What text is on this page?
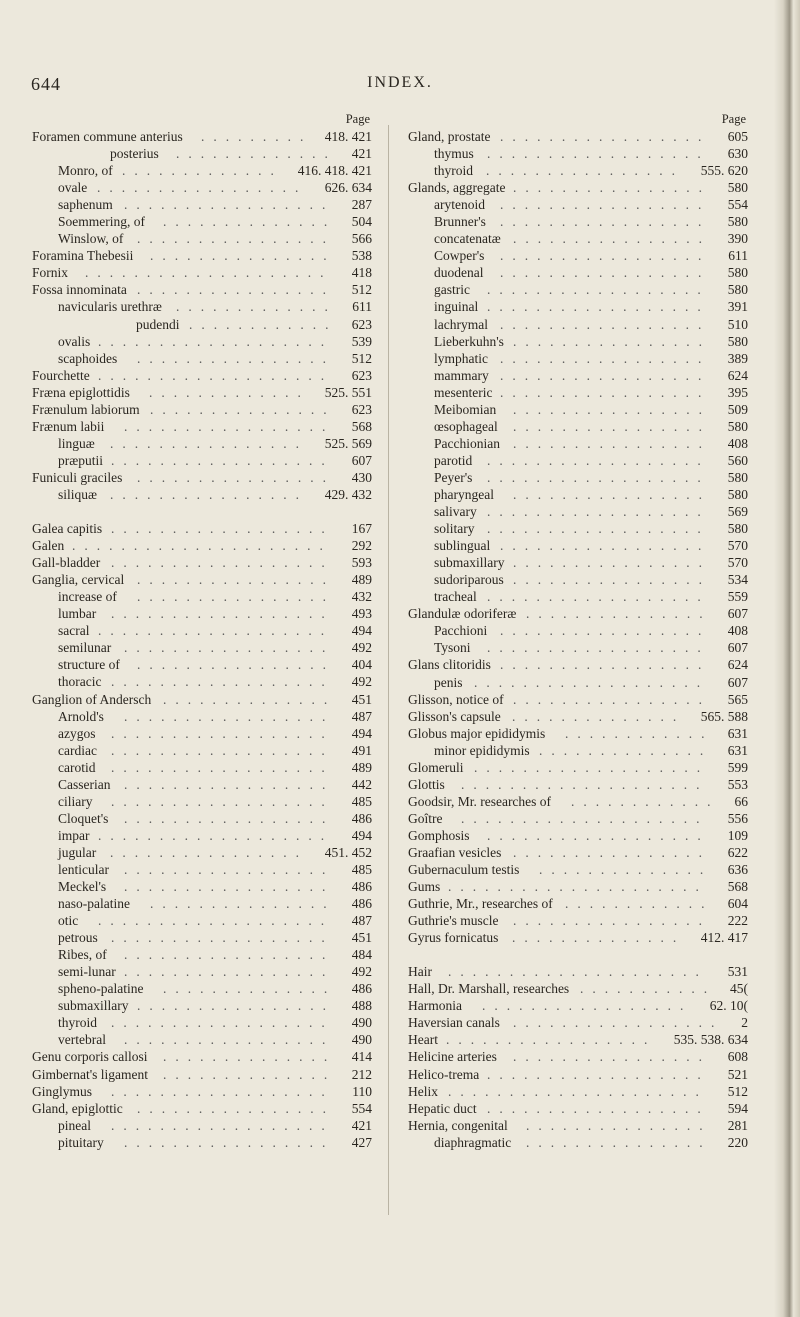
644	INDEX.
Page
Foramen commune anterius ......... 418. 421
posterius ............. 421
Monro, of ............. 416. 418. 421
ovale ................. 626. 634
saphenum ................. 287
Soemmering, of .............. 504
Winslow, of ................ 566
Foramina Thebesii ............... 538
Fornix .................... 418
Fossa innominata ................ 512
navicularis urethræ ............. 611
pudendi ............ 623
ovalis ................... 539
scaphoides ................ 512
Fourchette ................... 623
Fræna epiglottidis ............. 525. 551
Frænulum labiorum ............... 623
Frænum labii ................. 568
linguæ ................ 525. 569
præputii .................. 607
Funiculi graciles ................ 430
siliquæ ................ 429. 432
Galea capitis .................. 167
Galen ..................... 292
Gall-bladder .................. 593
Ganglia, cervical ................ 489
increase of ................ 432
lumbar .................. 493
sacral ................... 494
semilunar ................. 492
structure of ................ 404
thoracic .................. 492
Ganglion of Andersch .............. 451
Arnold's ................. 487
azygos .................. 494
cardiac .................. 491
carotid .................. 489
Casserian ................. 442
ciliary .................. 485
Cloquet's ................. 486
impar ................... 494
jugular ................ 451. 452
lenticular ................. 485
Meckel's ................. 486
naso-palatine ............... 486
otic ................... 487
petrous .................. 451
Ribes, of ................. 484
semi-lunar ................. 492
spheno-palatine .............. 486
submaxillary ................ 488
thyroid .................. 490
vertebral ................. 490
Genu corporis callosi .............. 414
Gimbernat's ligament .............. 212
Ginglymus .................. 110
Gland, epiglottic ................ 554
pineal .................. 421
pituitary ................. 427
Page
Gland, prostate ................. 605
thymus .................. 630
thyroid ................ 555. 620
Glands, aggregate ................ 580
arytenoid ................. 554
Brunner's ................. 580
concatenatæ ................ 390
Cowper's ................. 611
duodenal ................. 580
gastric .................. 580
inguinal .................. 391
lachrymal ................. 510
Lieberkuhn's ................ 580
lymphatic ................. 389
mammary ................. 624
mesenteric ................. 395
Meibomian ................ 509
œsophageal ................ 580
Pacchionian ................ 408
parotid .................. 560
Peyer's .................. 580
pharyngeal ................ 580
salivary .................. 569
solitary .................. 580
sublingual ................. 570
submaxillary ................ 570
sudoriparous ................ 534
tracheal .................. 559
Glandulæ odoriferæ ............... 607
Pacchioni ................. 408
Tysoni .................. 607
Glans clitoridis ................. 624
penis ................... 607
Glisson, notice of ................ 565
Glisson's capsule .............. 565. 588
Globus major epididymis ............ 631
minor epididymis .............. 631
Glomeruli ................... 599
Glottis .................... 553
Goodsir, Mr. researches of ............ 66
Goître .................... 556
Gomphosis .................. 109
Graafian vesicles ................ 622
Gubernaculum testis .............. 636
Gums ..................... 568
Guthrie, Mr., researches of ............ 604
Guthrie's muscle ................ 222
Gyrus fornicatus .............. 412. 417
Hair ..................... 531
Hall, Dr. Marshall, researches ........... 45(
Harmonia ................. 62. 10(
Haversian canals ................. 2
Heart ................. 535. 538. 634
Helicine arteries ................ 608
Helico-trema .................. 521
Helix ..................... 512
Hepatic duct .................. 594
Hernia, congenital ............... 281
diaphragmatic ............... 220
